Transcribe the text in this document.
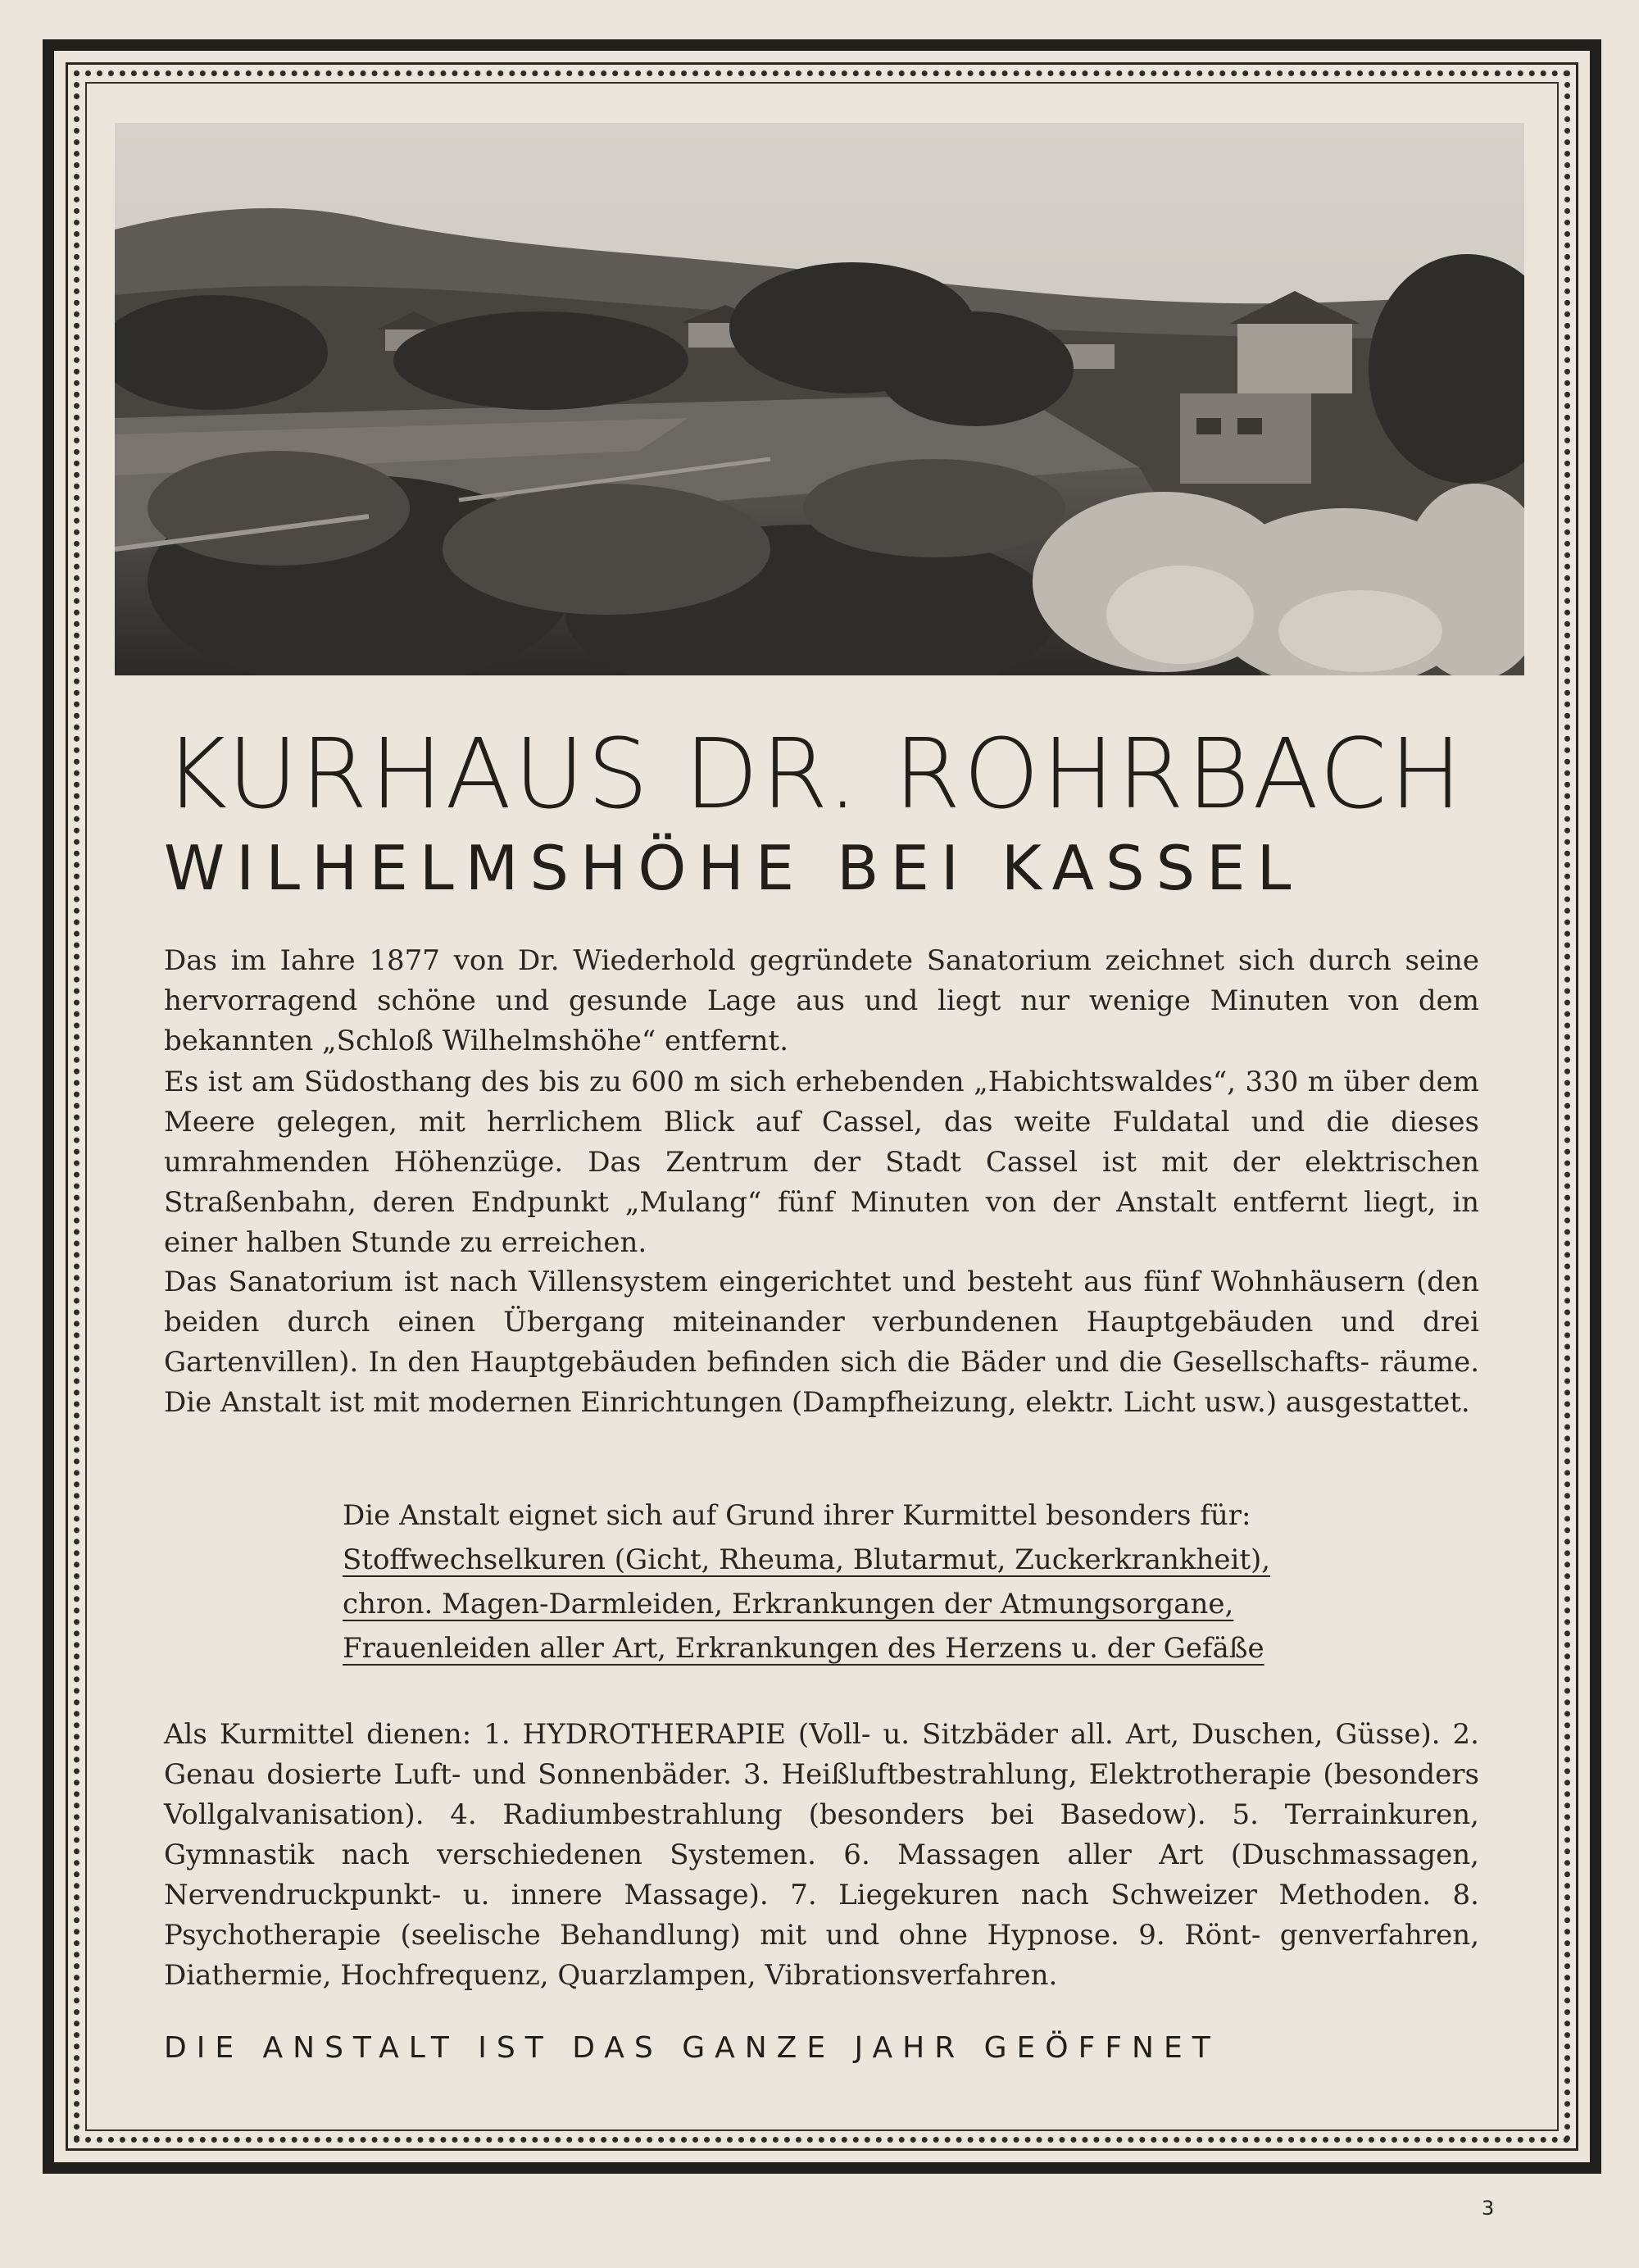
KURHAUS DR. ROHRBACH
WILHELMSHÖHE BEI KASSEL
Das im Iahre 1877 von Dr. Wiederhold gegründete Sanatorium zeichnet sich durch seine hervorragend schöne und gesunde Lage aus und liegt nur wenige Minuten von dem bekannten „Schloß Wilhelmshöhe“ entfernt.
Es ist am Südosthang des bis zu 600 m sich erhebenden „Habichtswaldes“, 330 m über dem Meere gelegen, mit herrlichem Blick auf Cassel, das weite Fuldatal und die dieses umrahmenden Höhenzüge. Das Zentrum der Stadt Cassel ist mit der elektrischen Straßenbahn, deren Endpunkt „Mulang“ fünf Minuten von der Anstalt entfernt liegt, in einer halben Stunde zu erreichen.
Das Sanatorium ist nach Villensystem eingerichtet und besteht aus fünf Wohnhäusern (den beiden durch einen Übergang miteinander verbundenen Hauptgebäuden und drei Gartenvillen). In den Hauptgebäuden befinden sich die Bäder und die Gesellschafts- räume. Die Anstalt ist mit modernen Einrichtungen (Dampfheizung, elektr. Licht usw.) ausgestattet.
Die Anstalt eignet sich auf Grund ihrer Kurmittel besonders für:
Stoffwechselkuren (Gicht, Rheuma, Blutarmut, Zuckerkrankheit),
chron. Magen-Darmleiden, Erkrankungen der Atmungsorgane,
Frauenleiden aller Art, Erkrankungen des Herzens u. der Gefäße
Als Kurmittel dienen: 1. HYDROTHERAPIE (Voll- u. Sitzbäder all. Art, Duschen, Güsse). 2. Genau dosierte Luft- und Sonnenbäder. 3. Heißluftbestrahlung, Elektrotherapie (besonders Vollgalvanisation). 4. Radiumbestrahlung (besonders bei Basedow). 5. Terrainkuren, Gymnastik nach verschiedenen Systemen. 6. Massagen aller Art (Duschmassagen, Nervendruckpunkt- u. innere Massage). 7. Liegekuren nach Schweizer Methoden. 8. Psychotherapie (seelische Behandlung) mit und ohne Hypnose. 9. Rönt- genverfahren, Diathermie, Hochfrequenz, Quarzlampen, Vibrationsverfahren.
DIE ANSTALT IST DAS GANZE JAHR GEÖFFNET
3
